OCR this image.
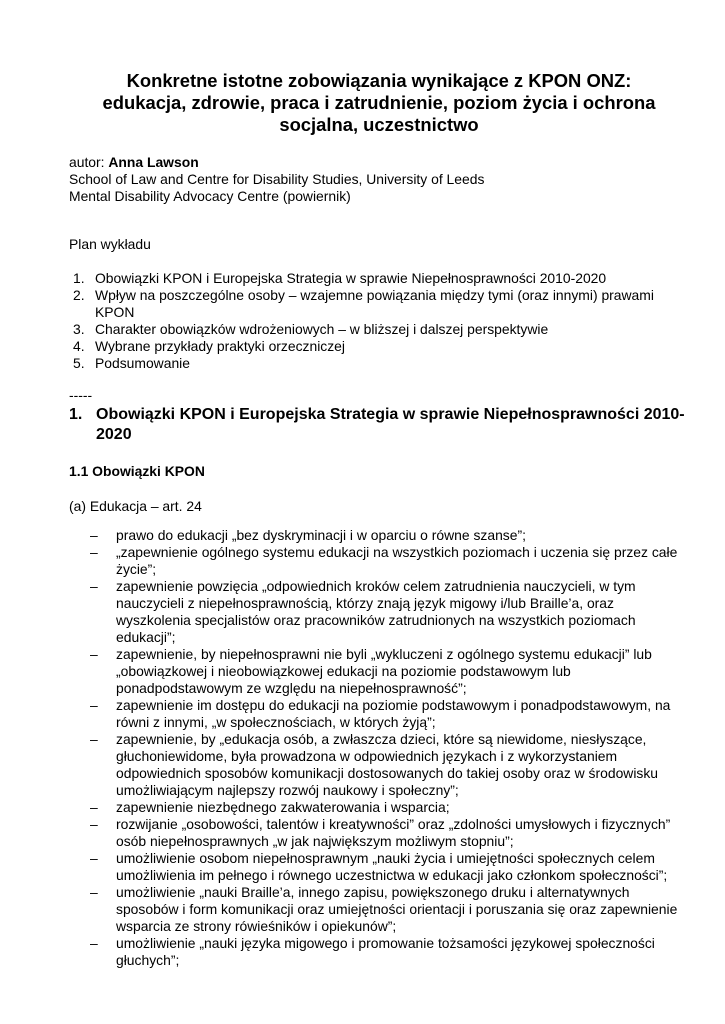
Konkretne istotne zobowiązania wynikające z KPON ONZ:
edukacja, zdrowie, praca i zatrudnienie, poziom życia i ochrona
socjalna, uczestnictwo
autor: Anna Lawson
School of Law and Centre for Disability Studies, University of Leeds
Mental Disability Advocacy Centre (powiernik)
Plan wykładu
1. Obowiązki KPON i Europejska Strategia w sprawie Niepełnosprawności 2010-2020
2. Wpływ na poszczególne osoby – wzajemne powiązania między tymi (oraz innymi) prawami KPON
3. Charakter obowiązków wdrożeniowych – w bliższej i dalszej perspektywie
4. Wybrane przykłady praktyki orzeczniczej
5. Podsumowanie
-----
1. Obowiązki KPON i Europejska Strategia w sprawie Niepełnosprawności 2010-2020
1.1 Obowiązki KPON
(a) Edukacja – art. 24
– prawo do edukacji „bez dyskryminacji i w oparciu o równe szanse”;
– „zapewnienie ogólnego systemu edukacji na wszystkich poziomach i uczenia się przez całe życie”;
– zapewnienie powzięcia „odpowiednich kroków celem zatrudnienia nauczycieli, w tym nauczycieli z niepełnosprawnością, którzy znają język migowy i/lub Braille’a, oraz wyszkolenia specjalistów oraz pracowników zatrudnionych na wszystkich poziomach edukacji”;
– zapewnienie, by niepełnosprawni nie byli „wykluczeni z ogólnego systemu edukacji” lub „obowiązkowej i nieobowiązkowej edukacji na poziomie podstawowym lub ponadpodstawowym ze względu na niepełnosprawność”;
– zapewnienie im dostępu do edukacji na poziomie podstawowym i ponadpodstawowym, na równi z innymi, „w społecznościach, w których żyją”;
– zapewnienie, by „edukacja osób, a zwłaszcza dzieci, które są niewidome, niesłyszące, głuchoniewidome, była prowadzona w odpowiednich językach i z wykorzystaniem odpowiednich sposobów komunikacji dostosowanych do takiej osoby oraz w środowisku umożliwiającym najlepszy rozwój naukowy i społeczny”;
– zapewnienie niezbędnego zakwaterowania i wsparcia;
– rozwijanie „osobowości, talentów i kreatywności” oraz „zdolności umysłowych i fizycznych” osób niepełnosprawnych „w jak największym możliwym stopniu”;
– umożliwienie osobom niepełnosprawnym „nauki życia i umiejętności społecznych celem umożliwienia im pełnego i równego uczestnictwa w edukacji jako członkom społeczności”;
– umożliwienie „nauki Braille’a, innego zapisu, powiększonego druku i alternatywnych sposobów i form komunikacji oraz umiejętności orientacji i poruszania się oraz zapewnienie wsparcia ze strony rówieśników i opiekunów”;
– umożliwienie „nauki języka migowego i promowanie tożsamości językowej społeczności głuchych”;
